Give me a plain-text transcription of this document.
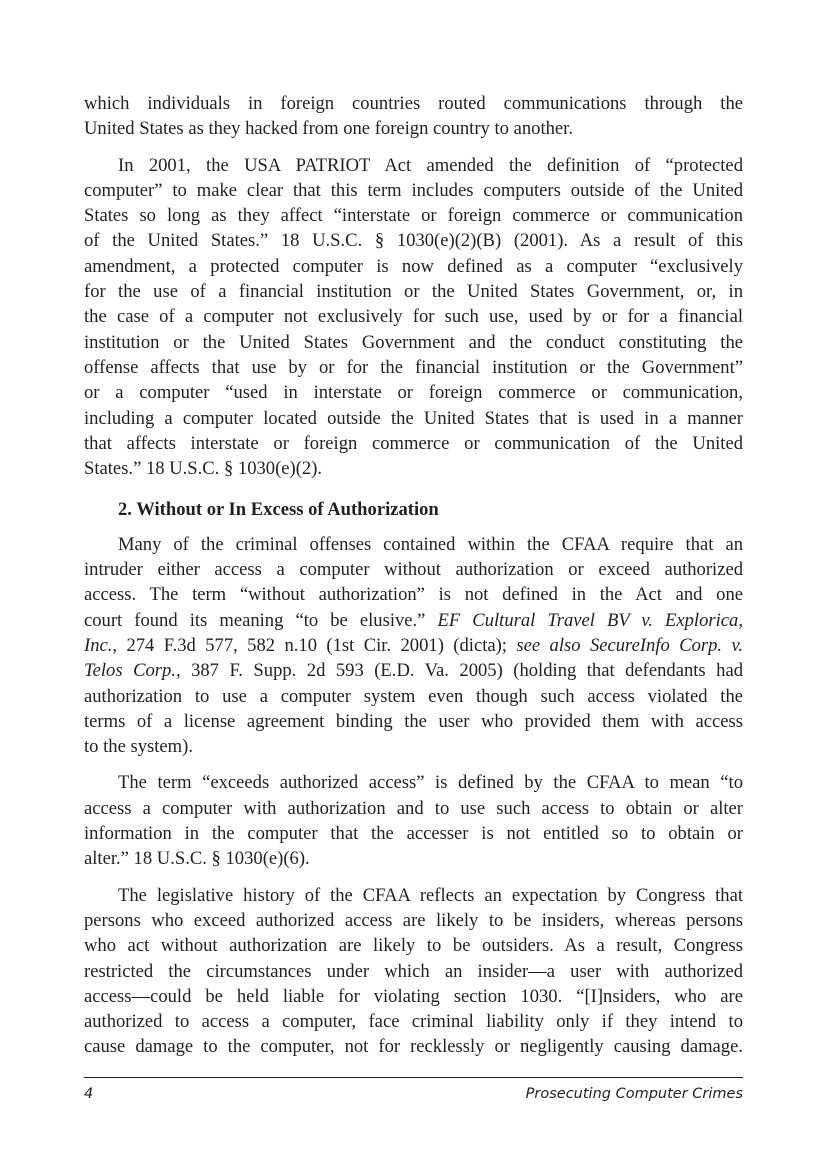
which individuals in foreign countries routed communications through the
United States as they hacked from one foreign country to another.
In 2001, the USA PATRIOT Act amended the definition of “protected
computer” to make clear that this term includes computers outside of the United
States so long as they affect “interstate or foreign commerce or communication
of the United States.” 18 U.S.C. § 1030(e)(2)(B) (2001). As a result of this
amendment, a protected computer is now defined as a computer “exclusively
for the use of a financial institution or the United States Government, or, in
the case of a computer not exclusively for such use, used by or for a financial
institution or the United States Government and the conduct constituting the
offense affects that use by or for the financial institution or the Government”
or a computer “used in interstate or foreign commerce or communication,
including a computer located outside the United States that is used in a manner
that affects interstate or foreign commerce or communication of the United
States.” 18 U.S.C. § 1030(e)(2).
2. Without or In Excess of Authorization
Many of the criminal offenses contained within the CFAA require that an
intruder either access a computer without authorization or exceed authorized
access. The term “without authorization” is not defined in the Act and one
court found its meaning “to be elusive.” EF Cultural Travel BV v. Explorica,
Inc., 274 F.3d 577, 582 n.10 (1st Cir. 2001) (dicta); see also SecureInfo Corp. v.
Telos Corp., 387 F. Supp. 2d 593 (E.D. Va. 2005) (holding that defendants had
authorization to use a computer system even though such access violated the
terms of a license agreement binding the user who provided them with access
to the system).
The term “exceeds authorized access” is defined by the CFAA to mean “to
access a computer with authorization and to use such access to obtain or alter
information in the computer that the accesser is not entitled so to obtain or
alter.” 18 U.S.C. § 1030(e)(6).
The legislative history of the CFAA reflects an expectation by Congress that
persons who exceed authorized access are likely to be insiders, whereas persons
who act without authorization are likely to be outsiders. As a result, Congress
restricted the circumstances under which an insider—a user with authorized
access—could be held liable for violating section 1030. “[I]nsiders, who are
authorized to access a computer, face criminal liability only if they intend to
cause damage to the computer, not for recklessly or negligently causing damage.
4	Prosecuting Computer Crimes
